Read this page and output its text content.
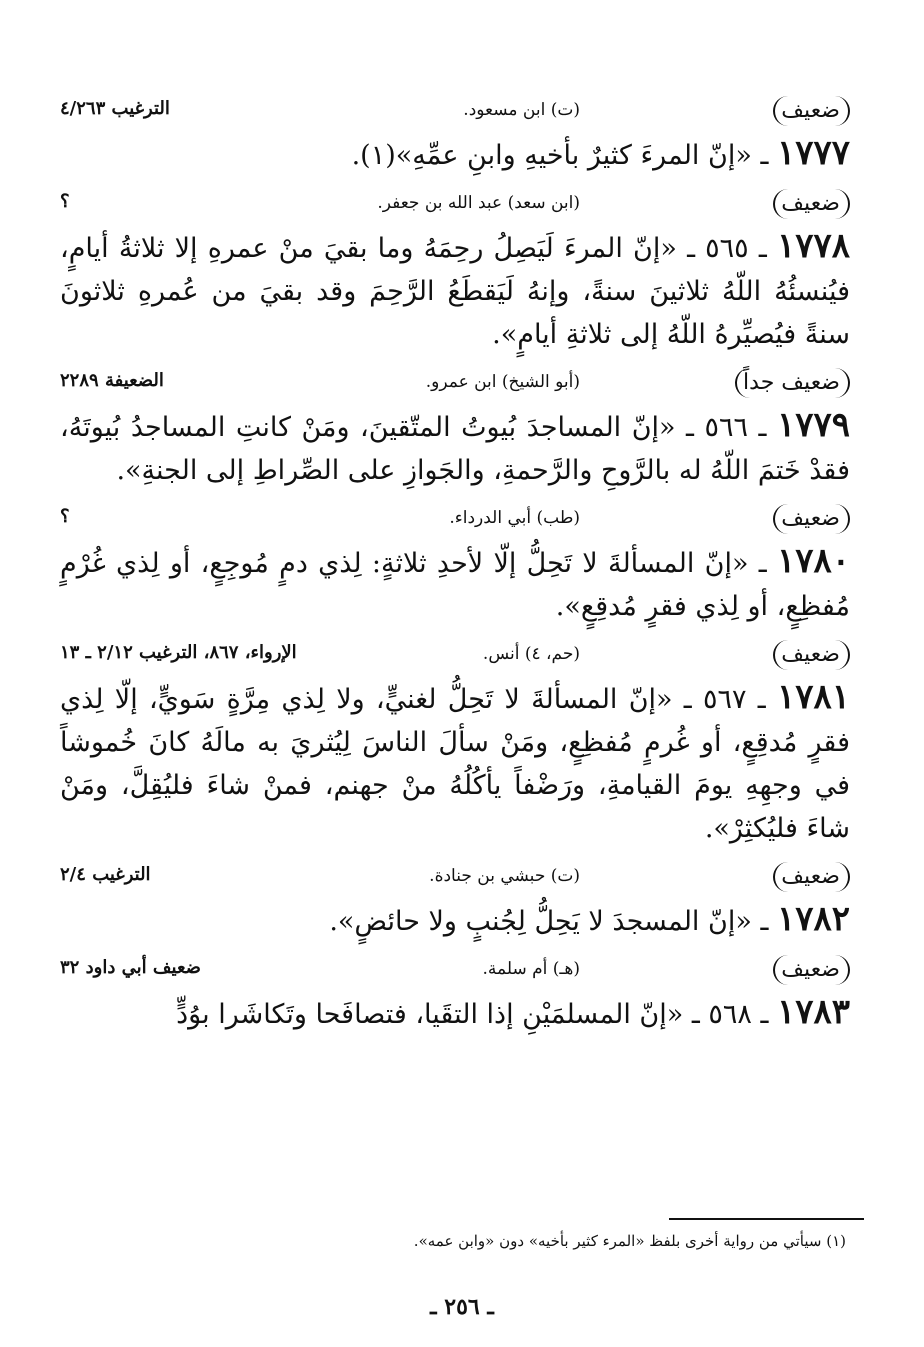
ضعيف
(ت) ابن مسعود.
الترغيب ٤/٢٦٣

١٧٧٧ ـ «إنّ المرءَ كثيرٌ بأخيهِ وابنِ عمِّهِ»(١).

ضعيف
(ابن سعد) عبد الله بن جعفر.
؟

١٧٧٨ ـ ٥٦٥ ـ «إنّ المرءَ لَيَصِلُ رحِمَهُ وما بقيَ منْ عمرهِ إلا ثلاثةُ أيامٍ، فيُنسئُهُ اللّهُ ثلاثينَ سنةً، وإنهُ لَيَقطَعُ الرَّحِمَ وقد بقيَ من عُمرهِ ثلاثونَ سنةً فيُصيِّرهُ اللّهُ إلى ثلاثةِ أيامٍ».

ضعيف جداً
(أبو الشيخ) ابن عمرو.
الضعيفة ٢٢٨٩

١٧٧٩ ـ ٥٦٦ ـ «إنّ المساجدَ بُيوتُ المتّقينَ، ومَنْ كانتِ المساجدُ بُيوتَهُ، فقدْ خَتمَ اللّهُ له بالرَّوحِ والرَّحمةِ، والجَوازِ على الصِّراطِ إلى الجنةِ».

ضعيف
(طب) أبي الدرداء.
؟

١٧٨٠ ـ «إنّ المسألةَ لا تَحِلُّ إلّا لأحدِ ثلاثةٍ: لِذي دمٍ مُوجِعٍ، أو لِذي غُرْمٍ مُفظِعٍ، أو لِذي فقرٍ مُدقِعٍ».

ضعيف
(حم، ٤) أنس.
الإرواء، ٨٦٧، الترغيب ٢/١٢ ـ ١٣

١٧٨١ ـ ٥٦٧ ـ «إنّ المسألةَ لا تَحِلُّ لغنيٍّ، ولا لِذي مِرَّةٍ سَويٍّ، إلّا لِذي فقرٍ مُدقِعٍ، أو غُرمٍ مُفظِعٍ، ومَنْ سألَ الناسَ لِيُثريَ به مالَهُ كانَ خُموشاً في وجهِهِ يومَ القيامةِ، ورَضْفاً يأكُلُهُ منْ جهنم، فمنْ شاءَ فليُقِلَّ، ومَنْ شاءَ فليُكثِرْ».

ضعيف
(ت) حبشي بن جنادة.
الترغيب ٢/٤

١٧٨٢ ـ «إنّ المسجدَ لا يَحِلُّ لِجُنبٍ ولا حائضٍ».

ضعيف
(هـ) أم سلمة.
ضعيف أبي داود ٣٢

١٧٨٣ ـ ٥٦٨ ـ «إنّ المسلمَيْنِ إذا التقَيا، فتصافَحا وتَكاشَرا بوُدٍّ

(١) سيأتي من رواية أخرى بلفظ «المرء كثير بأخيه» دون «وابن عمه».
ـ ٢٥٦ ـ
